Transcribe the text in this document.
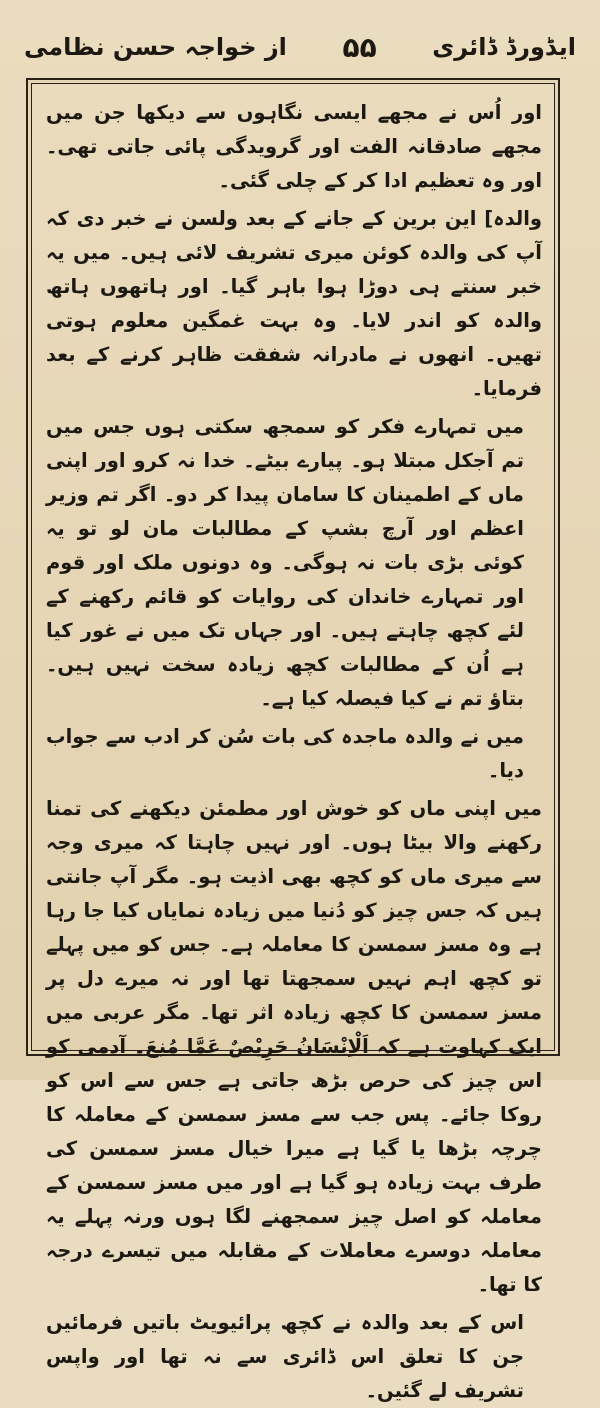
از خواجہ حسن نظامی ۵۵ ایڈورڈ ڈائری

اور اُس نے مجھے ایسی نگاہوں سے دیکھا جن میں مجھے صادقانہ الفت اور گرویدگی پائی جاتی تھی۔ اور وہ تعظیم ادا کر کے چلی گئی۔

والدہ] این برین کے جانے کے بعد ولسن نے خبر دی کہ آپ کی والدہ کوئن میری تشریف لائی ہیں۔ میں یہ خبر سنتے ہی دوڑا ہوا باہر گیا۔ اور ہاتھوں ہاتھ والدہ کو اندر لایا۔ وہ بہت غمگین معلوم ہوتی تھیں۔ انھوں نے مادرانہ شفقت ظاہر کرنے کے بعد فرمایا۔

میں تمہارے فکر کو سمجھ سکتی ہوں جس میں تم آجکل مبتلا ہو۔ پیارے بیٹے۔ خدا نہ کرو اور اپنی ماں کے اطمینان کا سامان پیدا کر دو۔ اگر تم وزیر اعظم اور آرچ بشپ کے مطالبات مان لو تو یہ کوئی بڑی بات نہ ہوگی۔ وہ دونوں ملک اور قوم اور تمہارے خاندان کی روایات کو قائم رکھنے کے لئے کچھ چاہتے ہیں۔ اور جہاں تک میں نے غور کیا ہے اُن کے مطالبات کچھ زیادہ سخت نہیں ہیں۔ بتاؤ تم نے کیا فیصلہ کیا ہے۔

میں نے والدہ ماجدہ کی بات سُن کر ادب سے جواب دیا۔

میں اپنی ماں کو خوش اور مطمئن دیکھنے کی تمنا رکھنے والا بیٹا ہوں۔ اور نہیں چاہتا کہ میری وجہ سے میری ماں کو کچھ بھی اذیت ہو۔ مگر آپ جانتی ہیں کہ جس چیز کو دُنیا میں زیادہ نمایاں کیا جا رہا ہے وہ مسز سمسن کا معاملہ ہے۔ جس کو میں پہلے تو کچھ اہم نہیں سمجھتا تھا اور نہ میرے دل پر مسز سمسن کا کچھ زیادہ اثر تھا۔ مگر عربی میں ایک کہاوت ہے کہ اَلْاِنْسَانُ حَرِیْصٌ عَمَّا مُنِعَ۔ آدمی کو اس چیز کی حرص بڑھ جاتی ہے جس سے اس کو روکا جائے۔ پس جب سے مسز سمسن کے معاملہ کا چرچہ بڑھا یا گیا ہے میرا خیال مسز سمسن کی طرف بہت زیادہ ہو گیا ہے اور میں مسز سمسن کے معاملہ کو اصل چیز سمجھنے لگا ہوں ورنہ پہلے یہ معاملہ دوسرے معاملات کے مقابلہ میں تیسرے درجہ کا تھا۔

اس کے بعد والدہ نے کچھ پرائیویٹ باتیں فرمائیں جن کا تعلق اس ڈائری سے نہ تھا اور واپس تشریف لے گئیں۔
